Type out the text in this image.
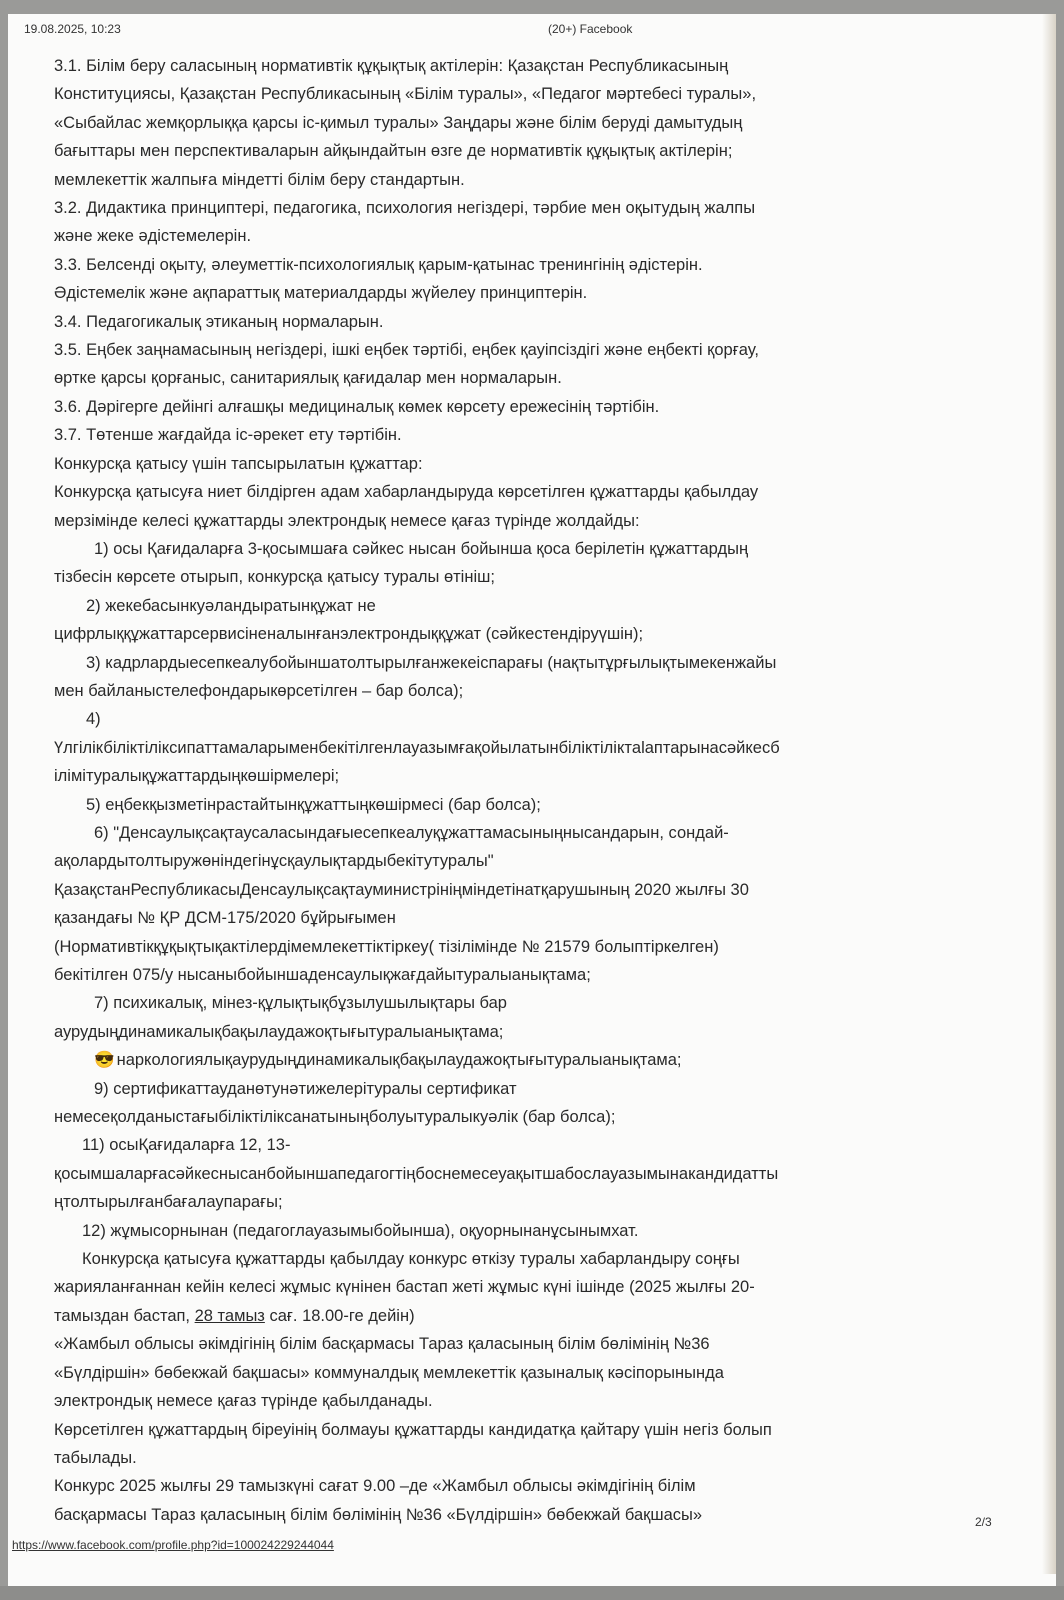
19.08.2025, 10:23	(20+) Facebook
3.1. Білім беру саласының нормативтік құқықтық актілерін: Қазақстан Республикасының
Конституциясы, Қазақстан Республикасының «Білім туралы», «Педагог мәртебесі туралы»,
«Сыбайлас жемқорлыққа қарсы іс-қимыл туралы» Заңдары және білім беруді дамытудың
бағыттары мен перспективаларын айқындайтын өзге де нормативтік құқықтық актілерін;
мемлекеттік жалпыға міндетті білім беру стандартын.
3.2. Дидактика принциптері, педагогика, психология негіздері, тәрбие мен оқытудың жалпы
және жеке әдістемелерін.
3.3. Белсенді оқыту, әлеуметтік-психологиялық қарым-қатынас тренингінің әдістерін.
Әдістемелік және ақпараттық материалдарды жүйелеу принциптерін.
3.4. Педагогикалық этиканың нормаларын.
3.5. Еңбек заңнамасының негіздері, ішкі еңбек тәртібі, еңбек қауіпсіздігі және еңбекті қорғау,
өртке қарсы қорғаныс, санитариялық қағидалар мен нормаларын.
3.6. Дәрігерге дейінгі алғашқы медициналық көмек көрсету ережесінің тәртібін.
3.7. Төтенше жағдайда іс-әрекет ету тәртібін.
Конкурсқа қатысу үшін тапсырылатын құжаттар:
Конкурсқа қатысуға ниет білдірген адам хабарландыруда көрсетілген құжаттарды қабылдау
мерзімінде келесі құжаттарды электрондық немесе қағаз түрінде жолдайды:
1) осы Қағидаларға 3-қосымшаға сәйкес нысан бойынша қоса берілетін құжаттардың
тізбесін көрсете отырып, конкурсқа қатысу туралы өтініш;
2) жекебасынкуәландыратынқұжат не
цифрлыққұжаттарсервисіненалынғанэлектрондыққұжат (сәйкестендіруүшін);
3) кадрлардыесепкеалубойыншатолтырылғанжекеіспарағы (нақтытұрғылықтымекенжайы
мен байланыстелефондарыкөрсетілген – бар болса);
4)
Үлгілікбіліктіліксипаттамаларыменбекітілгенлауазымғақойылатынбіліктіліктalaптарынасәйкесб
ілімітуралықұжаттардыңкөшірмелері;
5) еңбекқызметінрастайтынқұжаттыңкөшірмесі (бар болса);
6) "Денсаулықсақтаусаласындағыесепкеалуқұжаттамасыныңнысандарын, сондай-
ақолардытолтыружөніндегінұсқаулықтардыбекітутуралы"
ҚазақстанРеспубликасыДенсаулықсақтауминистрініңміндетінатқарушының 2020 жылғы 30
қазандағы № ҚР ДСМ-175/2020 бұйрығымен
(Нормативтікқұқықтықактілердімемлекеттіктіркеу( тізілімінде № 21579 болыптіркелген)
бекітілген 075/у нысаныбойыншаденсаулықжағдайытуралыанықтама;
7) психикалық, мінез-құлықтықбұзылушылықтары бар
аурудыңдинамикалықбақылаудажоқтығытуралыанықтама;
😎 наркологиялықаурудыңдинамикалықбақылаудажоқтығытуралыанықтама;
9) сертификаттауданөтунәтижелерітуралы сертификат
немесеқолданыстағыбіліктіліксанатыныңболуытуралыкуәлік (бар болса);
11) осыҚағидаларға 12, 13-
қосымшаларғасәйкеснысанбойыншапедагогтіңбоснемесеуақытшабослауазымынакандидатты
ңтолтырылғанбағалаупарағы;
12) жұмысорнынан (педагоглауазымыбойынша), оқуорнынанұсынымхат.
Конкурсқа қатысуға құжаттарды қабылдау конкурс өткізу туралы хабарландыру соңғы
жарияланғаннан кейін келесі жұмыс күнінен бастап жеті жұмыс күні ішінде (2025 жылғы 20-
тамыздан бастап, 28 тамыз сағ. 18.00-ге дейін)
«Жамбыл облысы әкімдігінің білім басқармасы Тараз қаласының білім бөлімінің №36
«Бүлдіршін» бөбекжай бақшасы» коммуналдық мемлекеттік қазыналық кәсіпорынында
электрондық немесе қағаз түрінде қабылданады.
Көрсетілген құжаттардың біреуінің болмауы құжаттарды кандидатқа қайтару үшін негіз болып
табылады.
Конкурс 2025 жылғы 29 тамызкүні сағат 9.00 –де «Жамбыл облысы әкімдігінің білім
басқармасы Тараз қаласының білім бөлімінің №36 «Бүлдіршін» бөбекжай бақшасы»	2/3
https://www.facebook.com/profile.php?id=100024229244044
